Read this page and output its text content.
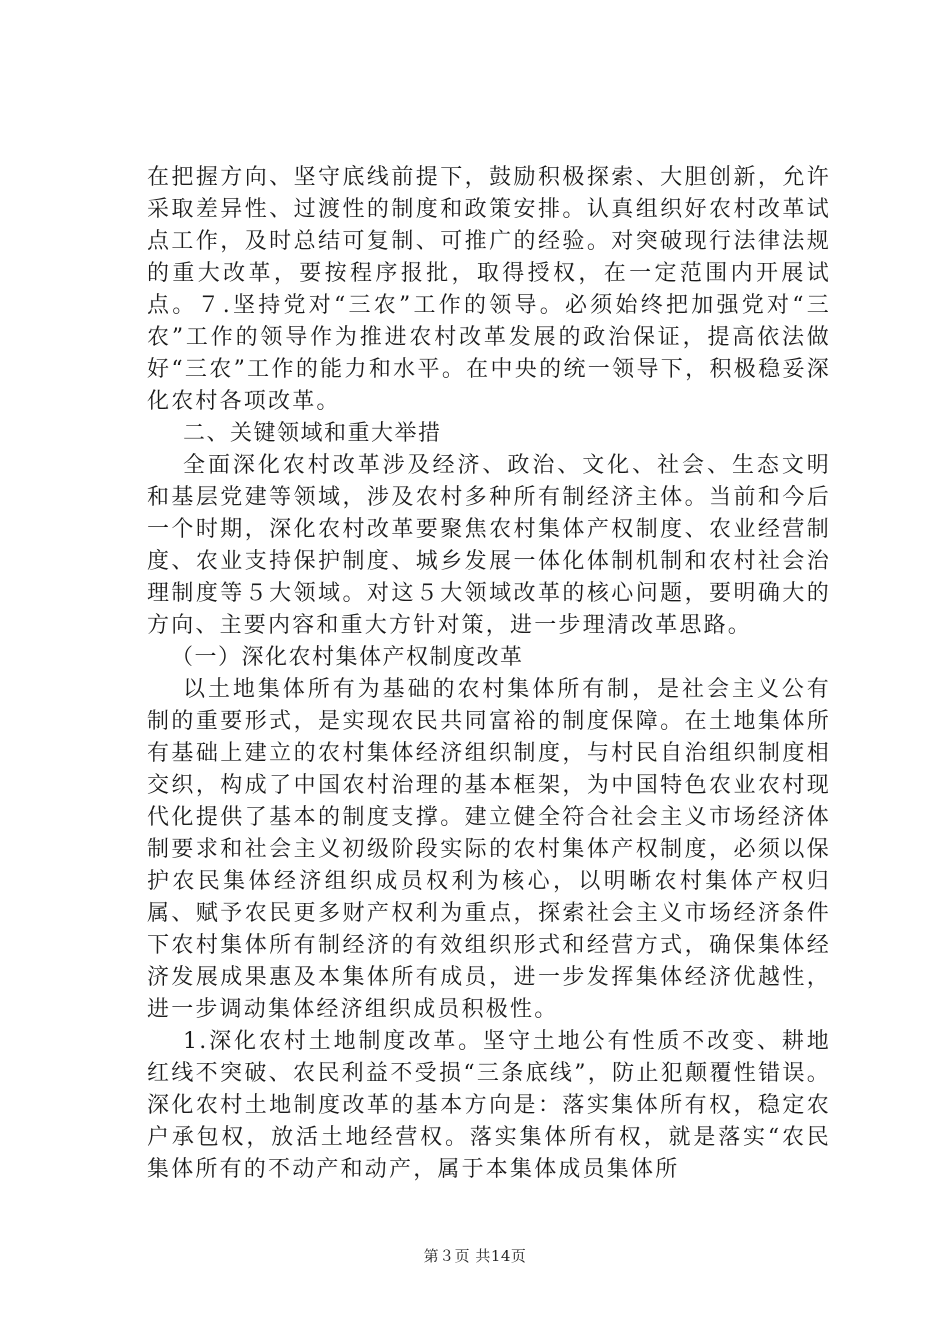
在把握方向、坚守底线前提下，鼓励积极探索、大胆创新，允许采取差异性、过渡性的制度和政策安排。认真组织好农村改革试点工作，及时总结可复制、可推广的经验。对突破现行法律法规的重大改革，要按程序报批，取得授权，在一定范围内开展试点。７.坚持党对“三农”工作的领导。必须始终把加强党对“三农”工作的领导作为推进农村改革发展的政治保证，提高依法做好“三农”工作的能力和水平。在中央的统一领导下，积极稳妥深化农村各项改革。

二、关键领域和重大举措

全面深化农村改革涉及经济、政治、文化、社会、生态文明和基层党建等领域，涉及农村多种所有制经济主体。当前和今后一个时期，深化农村改革要聚焦农村集体产权制度、农业经营制度、农业支持保护制度、城乡发展一体化体制机制和农村社会治理制度等５大领域。对这５大领域改革的核心问题，要明确大的方向、主要内容和重大方针对策，进一步理清改革思路。

（一）深化农村集体产权制度改革

以土地集体所有为基础的农村集体所有制，是社会主义公有制的重要形式，是实现农民共同富裕的制度保障。在土地集体所有基础上建立的农村集体经济组织制度，与村民自治组织制度相交织，构成了中国农村治理的基本框架，为中国特色农业农村现代化提供了基本的制度支撑。建立健全符合社会主义市场经济体制要求和社会主义初级阶段实际的农村集体产权制度，必须以保护农民集体经济组织成员权利为核心，以明晰农村集体产权归属、赋予农民更多财产权利为重点，探索社会主义市场经济条件下农村集体所有制经济的有效组织形式和经营方式，确保集体经济发展成果惠及本集体所有成员，进一步发挥集体经济优越性，进一步调动集体经济组织成员积极性。

1.深化农村土地制度改革。坚守土地公有性质不改变、耕地红线不突破、农民利益不受损“三条底线”，防止犯颠覆性错误。深化农村土地制度改革的基本方向是：落实集体所有权，稳定农户承包权，放活土地经营权。落实集体所有权，就是落实“农民集体所有的不动产和动产，属于本集体成员集体所

第３页 共14页
